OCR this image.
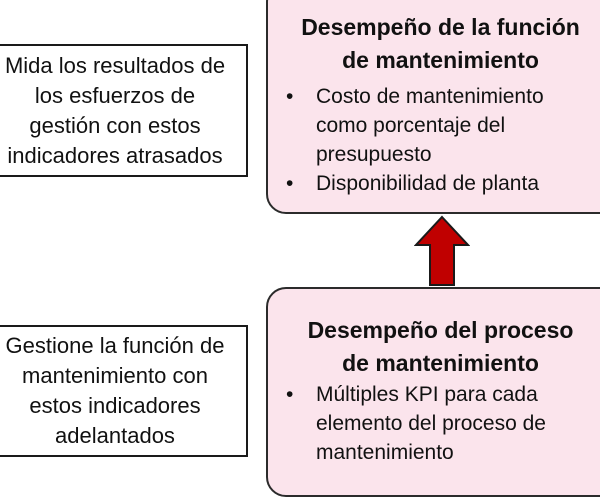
Mida los resultados de
los esfuerzos de
gestión con estos
indicadores atrasados
Gestione la función de
mantenimiento con
estos indicadores
adelantados
Desempeño de la función
de mantenimiento
• Costo de mantenimiento
como porcentaje del
presupuesto
• Disponibilidad de planta
Desempeño del proceso
de mantenimiento
• Múltiples KPI para cada
elemento del proceso de
mantenimiento
